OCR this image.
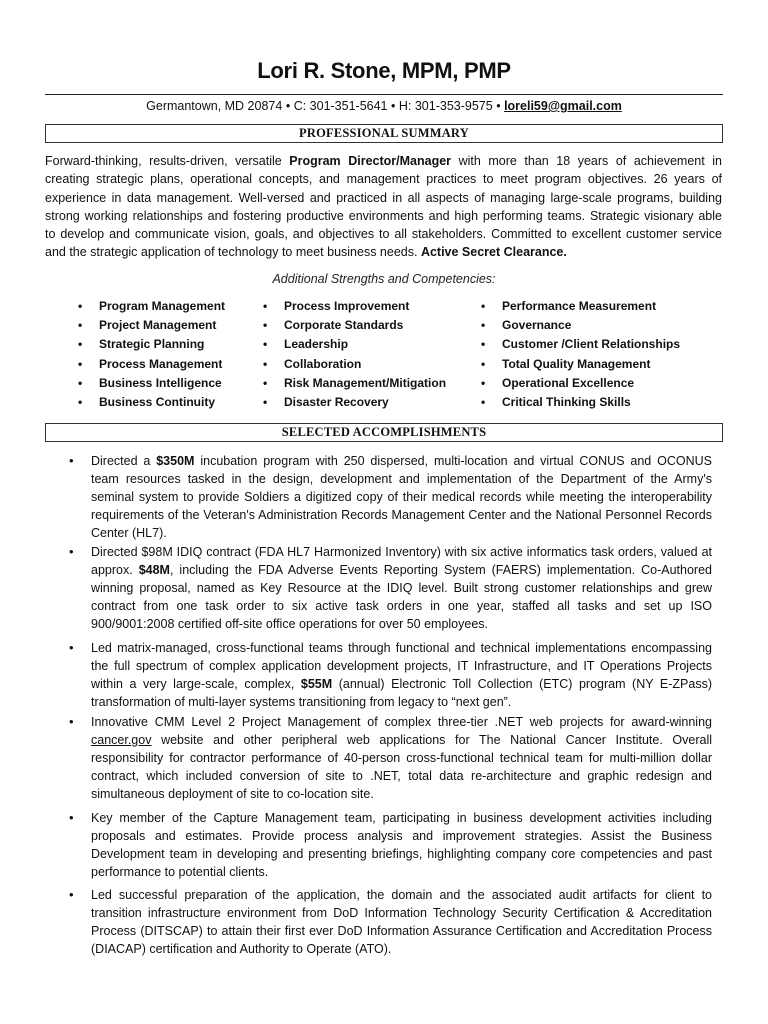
Lori R. Stone, MPM, PMP
Germantown, MD 20874 • C: 301-351-5641 • H: 301-353-9575 • loreli59@gmail.com
PROFESSIONAL SUMMARY
Forward-thinking, results-driven, versatile Program Director/Manager with more than 18 years of achievement in
creating strategic plans, operational concepts, and management practices to meet program objectives. 26 years of
experience in data management. Well-versed and practiced in all aspects of managing large-scale programs, building
strong working relationships and fostering productive environments and high performing teams. Strategic visionary able
to develop and communicate vision, goals, and objectives to all stakeholders. Committed to excellent customer service
and the strategic application of technology to meet business needs. Active Secret Clearance.
Additional Strengths and Competencies:
• Program Management
• Project Management
• Strategic Planning
• Process Management
• Business Intelligence
• Business Continuity
• Process Improvement
• Corporate Standards
• Leadership
• Collaboration
• Risk Management/Mitigation
• Disaster Recovery
• Performance Measurement
• Governance
• Customer /Client Relationships
• Total Quality Management
• Operational Excellence
• Critical Thinking Skills
SELECTED ACCOMPLISHMENTS
• Directed a $350M incubation program with 250 dispersed, multi-location and virtual CONUS and OCONUS
team resources tasked in the design, development and implementation of the Department of the Army's
seminal system to provide Soldiers a digitized copy of their medical records while meeting the interoperability
requirements of the Veteran's Administration Records Management Center and the National Personnel Records
Center (HL7).
• Directed $98M IDIQ contract (FDA HL7 Harmonized Inventory) with six active informatics task orders, valued at
approx. $48M, including the FDA Adverse Events Reporting System (FAERS) implementation. Co-Authored
winning proposal, named as Key Resource at the IDIQ level. Built strong customer relationships and grew
contract from one task order to six active task orders in one year, staffed all tasks and set up ISO
900/9001:2008 certified off-site office operations for over 50 employees.
• Led matrix-managed, cross-functional teams through functional and technical implementations encompassing
the full spectrum of complex application development projects, IT Infrastructure, and IT Operations Projects
within a very large-scale, complex, $55M (annual) Electronic Toll Collection (ETC) program (NY E-ZPass)
transformation of multi-layer systems transitioning from legacy to “next gen”.
• Innovative CMM Level 2 Project Management of complex three-tier .NET web projects for award-winning
cancer.gov website and other peripheral web applications for The National Cancer Institute. Overall
responsibility for contractor performance of 40-person cross-functional technical team for multi-million dollar
contract, which included conversion of site to .NET, total data re-architecture and graphic redesign and
simultaneous deployment of site to co-location site.
• Key member of the Capture Management team, participating in business development activities including
proposals and estimates. Provide process analysis and improvement strategies. Assist the Business
Development team in developing and presenting briefings, highlighting company core competencies and past
performance to potential clients.
• Led successful preparation of the application, the domain and the associated audit artifacts for client to
transition infrastructure environment from DoD Information Technology Security Certification & Accreditation
Process (DITSCAP) to attain their first ever DoD Information Assurance Certification and Accreditation Process
(DIACAP) certification and Authority to Operate (ATO).
